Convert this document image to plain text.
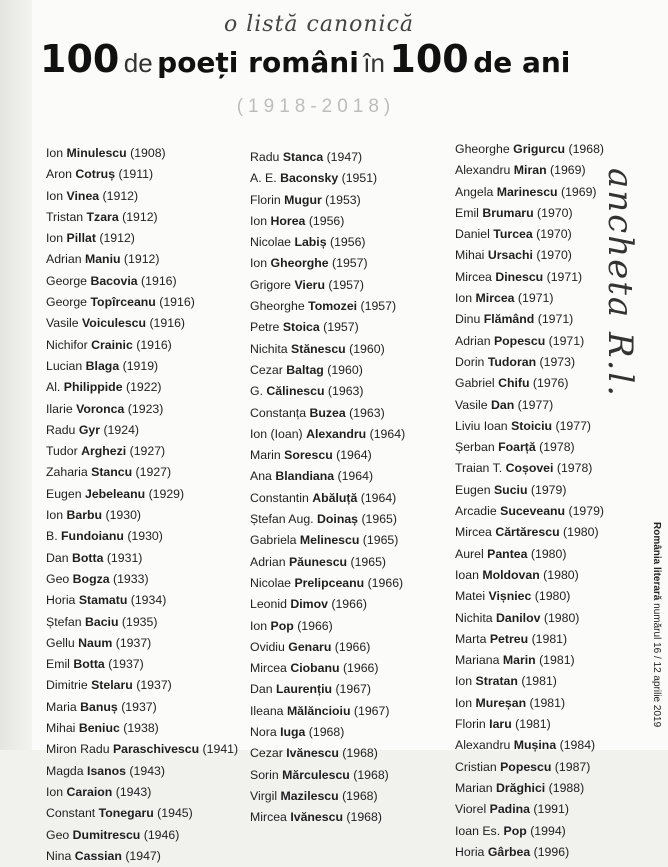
o listă canonică
100 de poeți români în 100 de ani
(1918-2018)
Ion Minulescu (1908)
Aron Cotruș (1911)
Ion Vinea (1912)
Tristan Tzara (1912)
Ion Pillat (1912)
Adrian Maniu (1912)
George Bacovia (1916)
George Topîrceanu (1916)
Vasile Voiculescu (1916)
Nichifor Crainic (1916)
Lucian Blaga (1919)
Al. Philippide (1922)
Ilarie Voronca (1923)
Radu Gyr (1924)
Tudor Arghezi (1927)
Zaharia Stancu (1927)
Eugen Jebeleanu (1929)
Ion Barbu (1930)
B. Fundoianu (1930)
Dan Botta (1931)
Geo Bogza (1933)
Horia Stamatu (1934)
Ștefan Baciu (1935)
Gellu Naum (1937)
Emil Botta (1937)
Dimitrie Stelaru (1937)
Maria Banuș (1937)
Mihai Beniuc (1938)
Miron Radu Paraschivescu (1941)
Magda Isanos (1943)
Ion Caraion (1943)
Constant Tonegaru (1945)
Geo Dumitrescu (1946)
Nina Cassian (1947)
Radu Stanca (1947)
A. E. Baconsky (1951)
Florin Mugur (1953)
Ion Horea (1956)
Nicolae Labiș (1956)
Ion Gheorghe (1957)
Grigore Vieru (1957)
Gheorghe Tomozei (1957)
Petre Stoica (1957)
Nichita Stănescu (1960)
Cezar Baltag (1960)
G. Călinescu (1963)
Constanța Buzea (1963)
Ion (Ioan) Alexandru (1964)
Marin Sorescu (1964)
Ana Blandiana (1964)
Constantin Abăluță (1964)
Ștefan Aug. Doinaș (1965)
Gabriela Melinescu (1965)
Adrian Păunescu (1965)
Nicolae Prelipceanu (1966)
Leonid Dimov (1966)
Ion Pop (1966)
Ovidiu Genaru (1966)
Mircea Ciobanu (1966)
Dan Laurențiu (1967)
Ileana Mălăncioiu (1967)
Nora Iuga (1968)
Cezar Ivănescu (1968)
Sorin Mărculescu (1968)
Virgil Mazilescu (1968)
Mircea Ivănescu (1968)
Gheorghe Grigurcu (1968)
Alexandru Miran (1969)
Angela Marinescu (1969)
Emil Brumaru (1970)
Daniel Turcea (1970)
Mihai Ursachi (1970)
Mircea Dinescu (1971)
Ion Mircea (1971)
Dinu Flămând (1971)
Adrian Popescu (1971)
Dorin Tudoran (1973)
Gabriel Chifu (1976)
Vasile Dan (1977)
Liviu Ioan Stoiciu (1977)
Șerban Foarță (1978)
Traian T. Coșovei (1978)
Eugen Suciu (1979)
Arcadie Suceveanu (1979)
Mircea Cărtărescu (1980)
Aurel Pantea (1980)
Ioan Moldovan (1980)
Matei Vișniec (1980)
Nichita Danilov (1980)
Marta Petreu (1981)
Mariana Marin (1981)
Ion Stratan (1981)
Ion Mureșan (1981)
Florin Iaru (1981)
Alexandru Mușina (1984)
Cristian Popescu (1987)
Marian Drăghici (1988)
Viorel Padina (1991)
Ioan Es. Pop (1994)
Horia Gârbea (1996)
ancheta R.l.
România literară numărul 16 / 12 aprilie 2019
